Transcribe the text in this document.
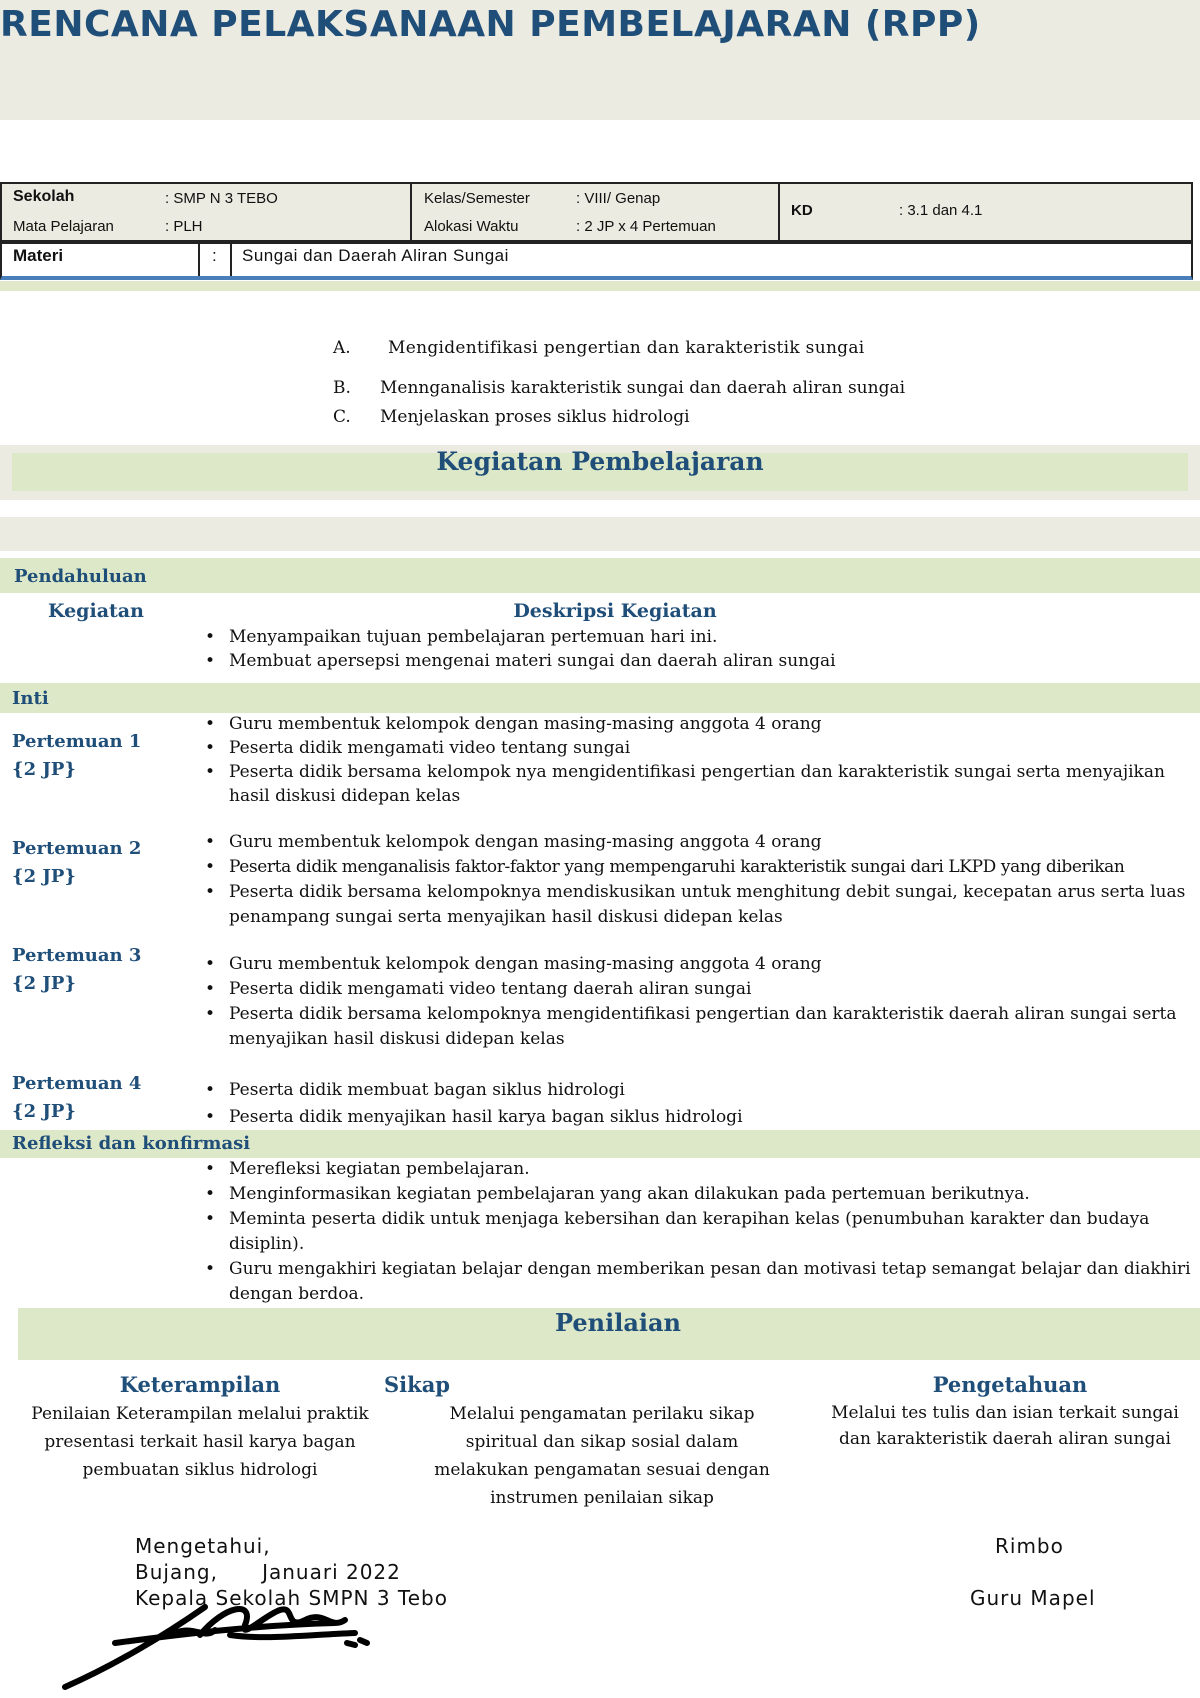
RENCANA PELAKSANAAN PEMBELAJARAN (RPP)
Sekolah	: SMP N 3 TEBO
Mata Pelajaran	: PLH
Kelas/Semester	: VIII/ Genap
Alokasi Waktu	: 2 JP x 4 Pertemuan
KD	: 3.1 dan 4.1
Materi	: Sungai dan Daerah Aliran Sungai
A. Mengidentifikasi pengertian dan karakteristik sungai
B. Mennganalisis karakteristik sungai dan daerah aliran sungai
C. Menjelaskan proses siklus hidrologi
Kegiatan Pembelajaran
Pendahuluan
Kegiatan	Deskripsi Kegiatan
• Menyampaikan tujuan pembelajaran pertemuan hari ini.
• Membuat apersepsi mengenai materi sungai dan daerah aliran sungai
Inti
Pertemuan 1
{2 JP}
• Guru membentuk kelompok dengan masing-masing anggota 4 orang
• Peserta didik mengamati video tentang sungai
• Peserta didik bersama kelompok nya mengidentifikasi pengertian dan karakteristik sungai serta menyajikan hasil diskusi didepan kelas
Pertemuan 2
{2 JP}
• Guru membentuk kelompok dengan masing-masing anggota 4 orang
• Peserta didik menganalisis faktor-faktor yang mempengaruhi karakteristik sungai dari LKPD yang diberikan
• Peserta didik bersama kelompoknya mendiskusikan untuk menghitung debit sungai, kecepatan arus serta luas penampang sungai serta menyajikan hasil diskusi didepan kelas
Pertemuan 3
{2 JP}
• Guru membentuk kelompok dengan masing-masing anggota 4 orang
• Peserta didik mengamati video tentang daerah aliran sungai
• Peserta didik bersama kelompoknya mengidentifikasi pengertian dan karakteristik daerah aliran sungai serta menyajikan hasil diskusi didepan kelas
Pertemuan 4
{2 JP}
• Peserta didik membuat bagan siklus hidrologi
• Peserta didik menyajikan hasil karya bagan siklus hidrologi
Refleksi dan konfirmasi
• Merefleksi kegiatan pembelajaran.
• Menginformasikan kegiatan pembelajaran yang akan dilakukan pada pertemuan berikutnya.
• Meminta peserta didik untuk menjaga kebersihan dan kerapihan kelas (penumbuhan karakter dan budaya disiplin).
• Guru mengakhiri kegiatan belajar dengan memberikan pesan dan motivasi tetap semangat belajar dan diakhiri dengan berdoa.
Penilaian
Keterampilan
Penilaian Keterampilan melalui praktik presentasi terkait hasil karya bagan pembuatan siklus hidrologi
Sikap
Melalui pengamatan perilaku sikap spiritual dan sikap sosial dalam melakukan pengamatan sesuai dengan instrumen penilaian sikap
Pengetahuan
Melalui tes tulis dan isian terkait sungai dan karakteristik daerah aliran sungai
Mengetahui,
Bujang,      Januari 2022
Kepala Sekolah SMPN 3 Tebo
Rimbo
Guru Mapel
